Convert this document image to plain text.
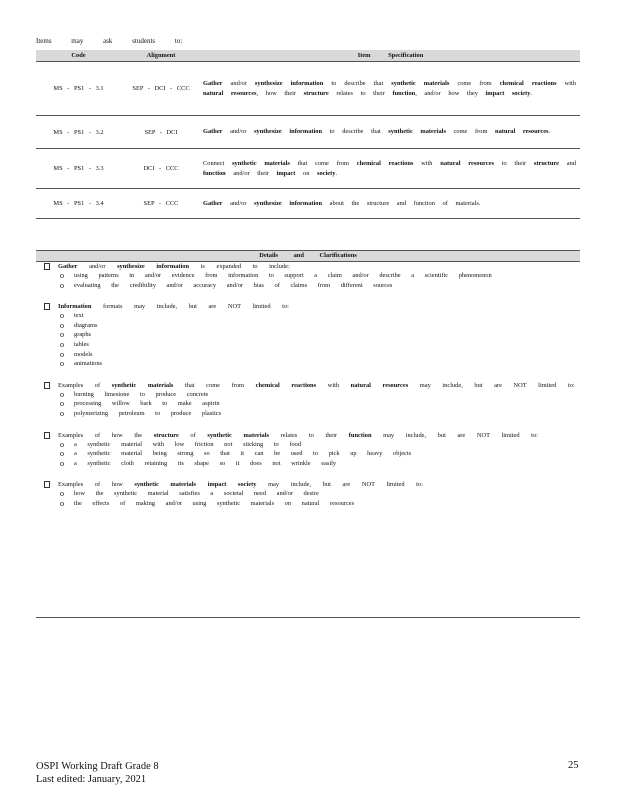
Items may ask students to:
Code	Alignment	Item Specification
MS - PS1 - 3.1	SEP - DCI - CCC	Gather and/or synthesize information to describe that synthetic materials come from chemical reactions with natural resources, how their structure relates to their function, and/or how they impact society.
MS - PS1 - 3.2	SEP - DCI	Gather and/or synthesize information to describe that synthetic materials come from natural resources.
MS - PS1 - 3.3	DCI - CCC	Connect synthetic materials that come from chemical reactions with natural resources to their structure and function and/or their impact on society.
MS - PS1 - 3.4	SEP - CCC	Gather and/or synthesize information about the structure and function of materials.
Details and Clarifications
Gather and/or synthesize information is expanded to include:
o using patterns in and/or evidence from information to support a claim and/or describe a scientific phenomenon
o evaluating the credibility and/or accuracy and/or bias of claims from different sources
Information formats may include, but are NOT limited to:
o text
o diagrams
o graphs
o tables
o models
o animations
Examples of synthetic materials that come from chemical reactions with natural resources may include, but are NOT limited to:
o burning limestone to produce concrete
o processing willow bark to make aspirin
o polymerizing petroleum to produce plastics
Examples of how the structure of synthetic materials relates to their function may include, but are NOT limited to:
o a synthetic material with low friction not sticking to food
o a synthetic material being strong so that it can be used to pick up heavy objects
o a synthetic cloth retaining its shape so it does not wrinkle easily
Examples of how synthetic materials impact society may include, but are NOT limited to:
o how the synthetic material satisfies a societal need and/or desire
o the effects of making and/or using synthetic materials on natural resources
OSPI Working Draft Grade 8
Last edited: January, 2021
25
